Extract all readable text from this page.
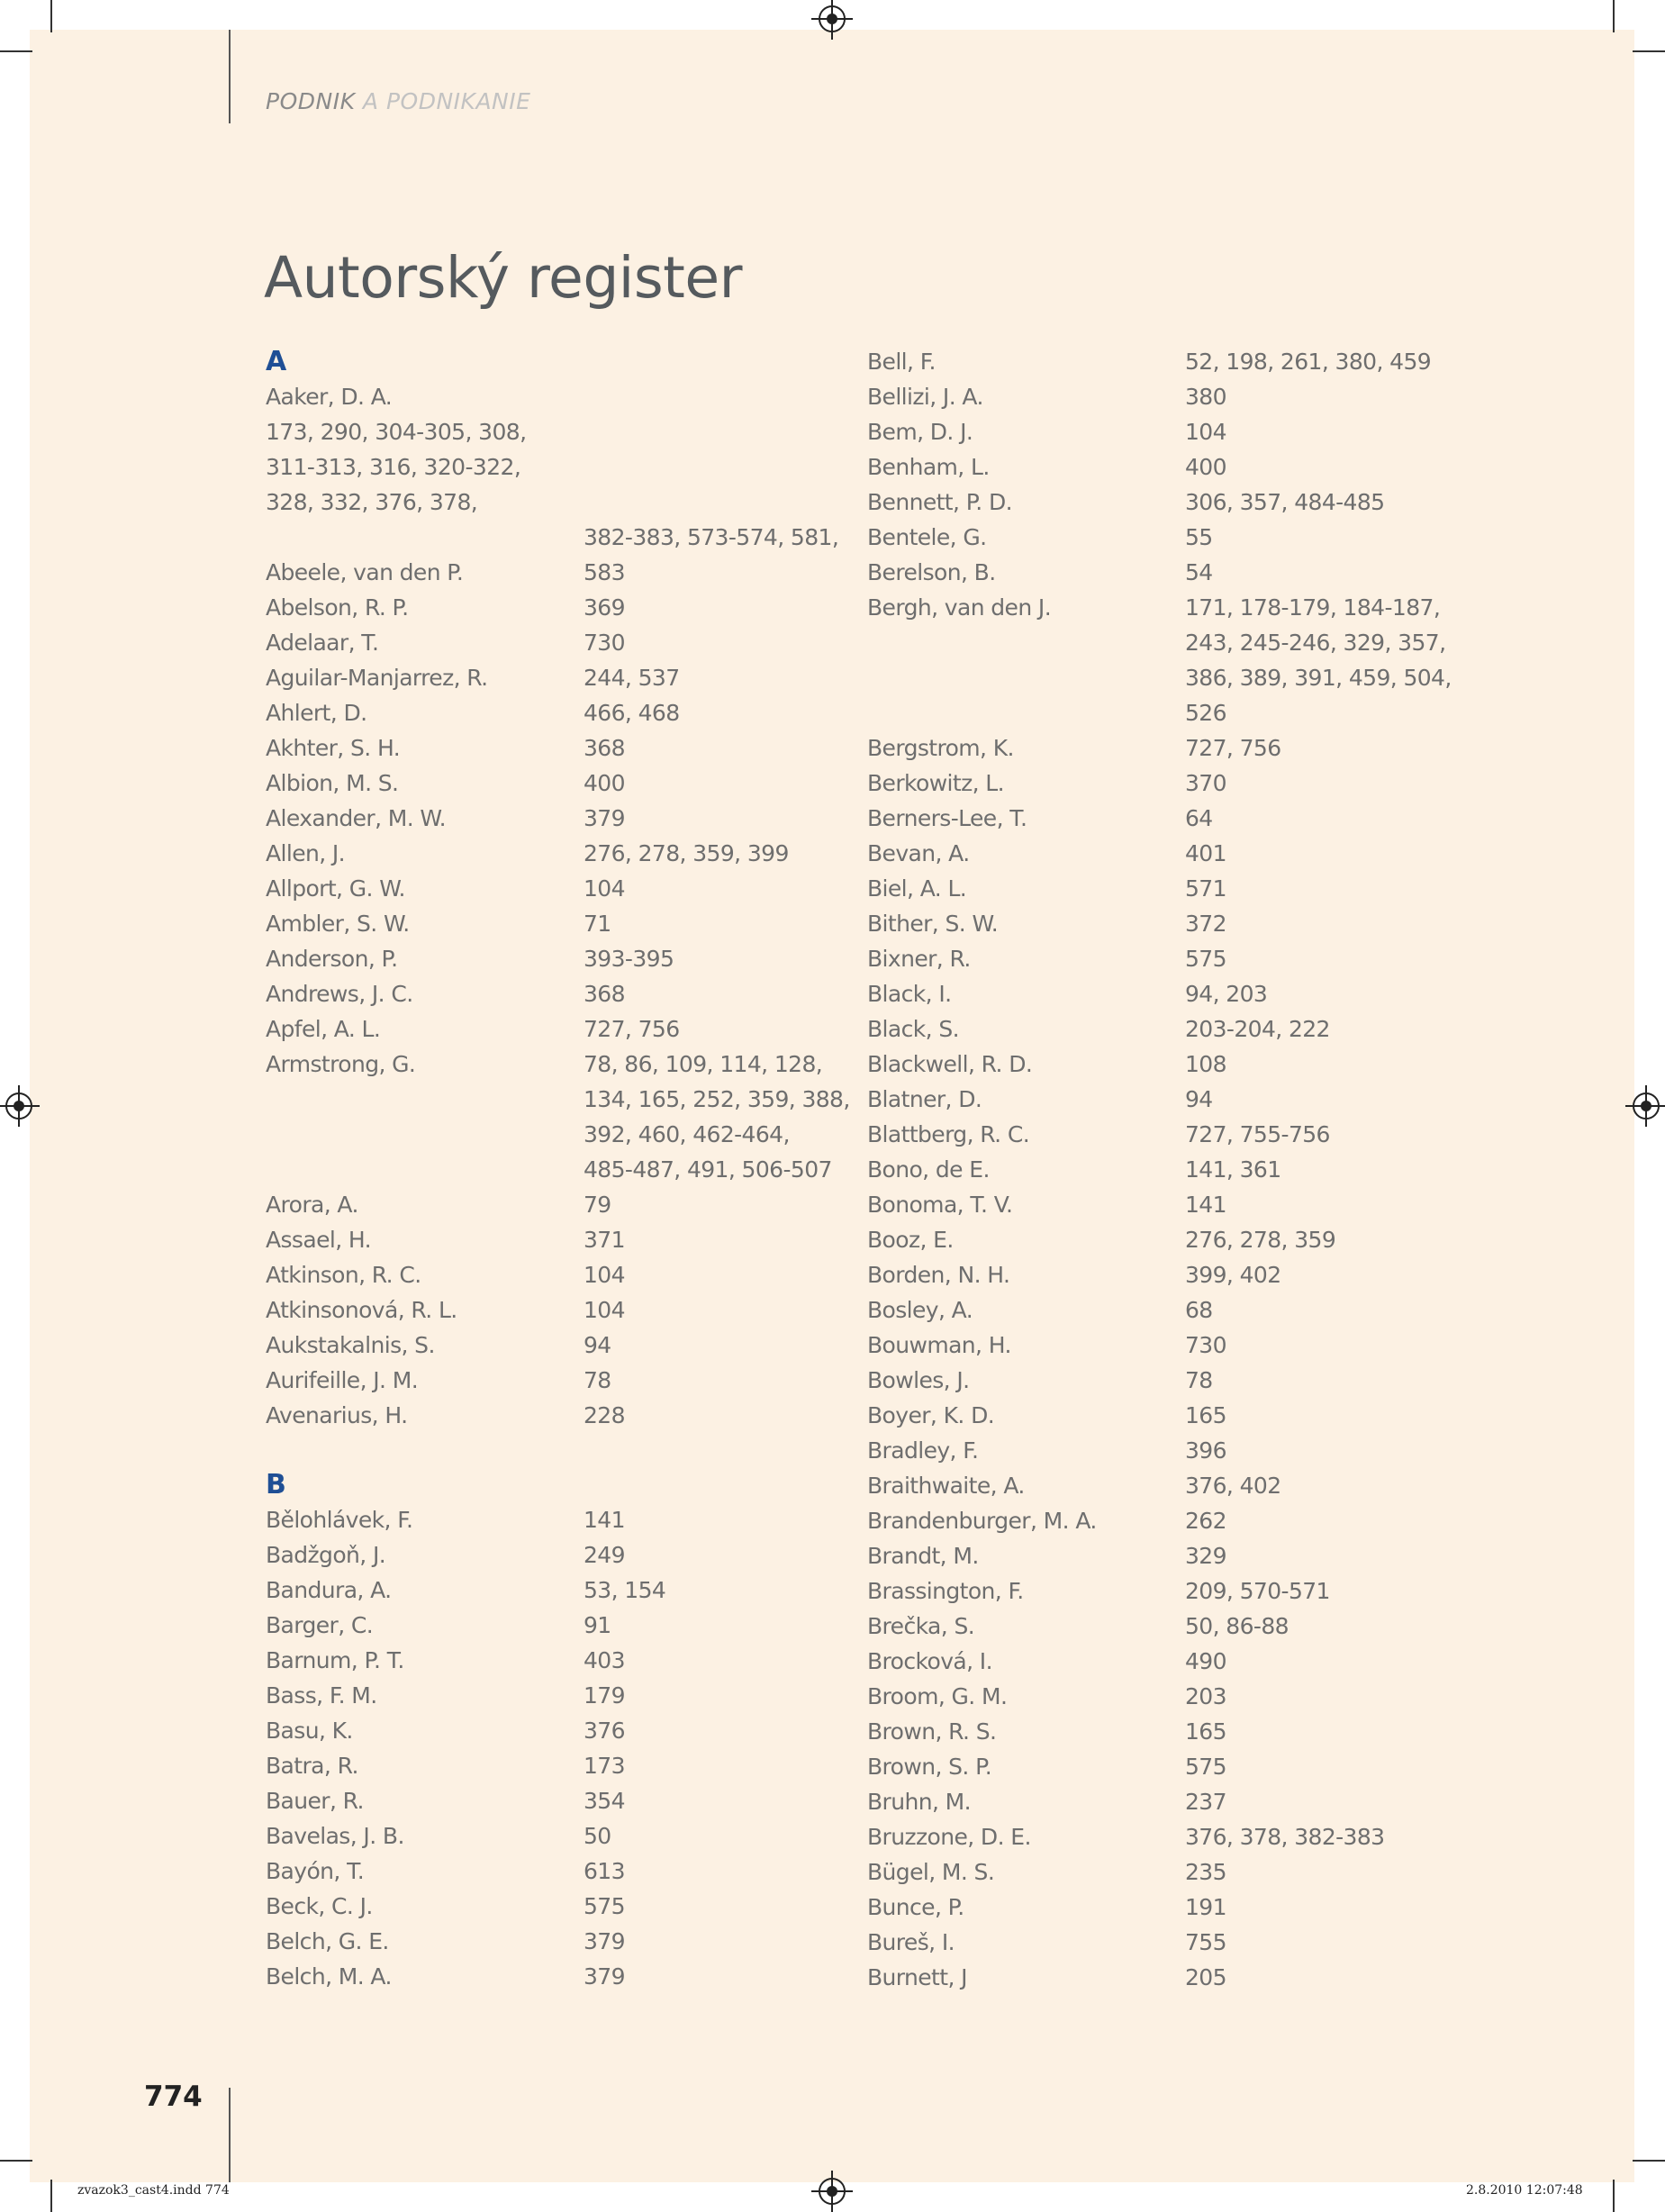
PODNIK A PODNIKANIE
Autorský register
A
Aaker, D. A.
173, 290, 304-305, 308,
311-313, 316, 320-322,
328, 332, 376, 378,
382-383, 573-574, 581,
Abeele, van den P.	583
Abelson, R. P.	369
Adelaar, T.	730
Aguilar-Manjarrez, R.	244, 537
Ahlert, D.	466, 468
Akhter, S. H.	368
Albion, M. S.	400
Alexander, M. W.	379
Allen, J.	276, 278, 359, 399
Allport, G. W.	104
Ambler, S. W.	71
Anderson, P.	393-395
Andrews, J. C.	368
Apfel, A. L.	727, 756
Armstrong, G.	78, 86, 109, 114, 128,
134, 165, 252, 359, 388,
392, 460, 462-464,
485-487, 491, 506-507
Arora, A.	79
Assael, H.	371
Atkinson, R. C.	104
Atkinsonová, R. L.	104
Aukstakalnis, S.	94
Aurifeille, J. M.	78
Avenarius, H.	228
B
Bělohlávek, F.	141
Badžgoň, J.	249
Bandura, A.	53, 154
Barger, C.	91
Barnum, P. T.	403
Bass, F. M.	179
Basu, K.	376
Batra, R.	173
Bauer, R.	354
Bavelas, J. B.	50
Bayón, T.	613
Beck, C. J.	575
Belch, G. E.	379
Belch, M. A.	379
Bell, F.	52, 198, 261, 380, 459
Bellizi, J. A.	380
Bem, D. J.	104
Benham, L.	400
Bennett, P. D.	306, 357, 484-485
Bentele, G.	55
Berelson, B.	54
Bergh, van den J.	171, 178-179, 184-187,
243, 245-246, 329, 357,
386, 389, 391, 459, 504,
526
Bergstrom, K.	727, 756
Berkowitz, L.	370
Berners-Lee, T.	64
Bevan, A.	401
Biel, A. L.	571
Bither, S. W.	372
Bixner, R.	575
Black, I.	94, 203
Black, S.	203-204, 222
Blackwell, R. D.	108
Blatner, D.	94
Blattberg, R. C.	727, 755-756
Bono, de E.	141, 361
Bonoma, T. V.	141
Booz, E.	276, 278, 359
Borden, N. H.	399, 402
Bosley, A.	68
Bouwman, H.	730
Bowles, J.	78
Boyer, K. D.	165
Bradley, F.	396
Braithwaite, A.	376, 402
Brandenburger, M. A.	262
Brandt, M.	329
Brassington, F.	209, 570-571
Brečka, S.	50, 86-88
Brocková, I.	490
Broom, G. M.	203
Brown, R. S.	165
Brown, S. P.	575
Bruhn, M.	237
Bruzzone, D. E.	376, 378, 382-383
Bügel, M. S.	235
Bunce, P.	191
Bureš, I.	755
Burnett, J	205
774
zvazok3_cast4.indd 774	2.8.2010 12:07:48
